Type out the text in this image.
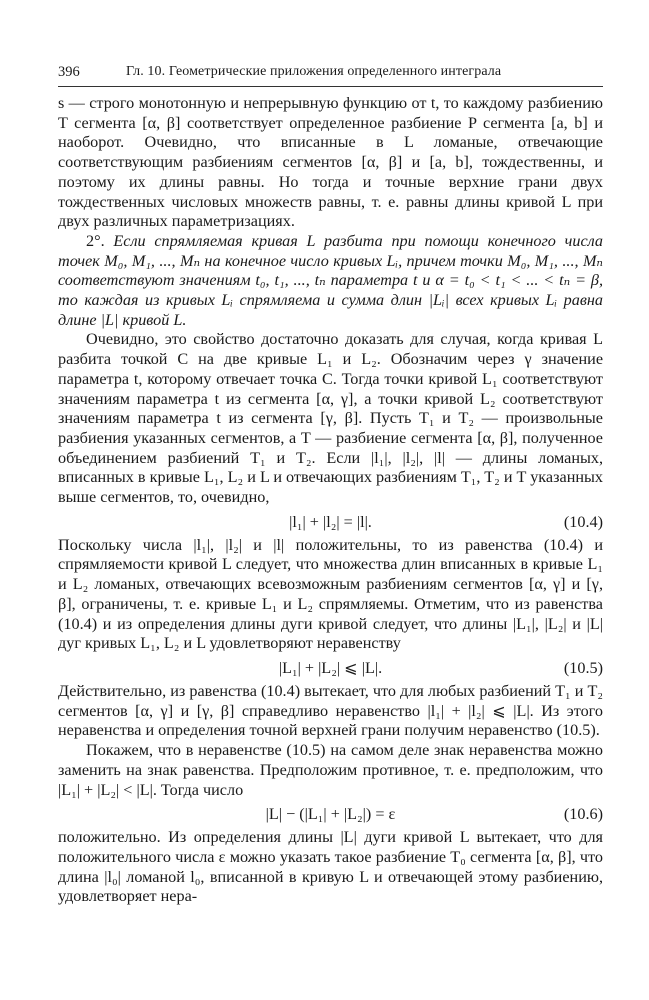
396	Гл. 10. Геометрические приложения определенного интеграла

s — строго монотонную и непрерывную функцию от t, то каждому разбиению T сегмента [α, β] соответствует определенное разбиение P сегмента [a, b] и наоборот. Очевидно, что вписанные в L ломаные, отвечающие соответствующим разбиениям сегментов [α, β] и [a, b], тождественны, и поэтому их длины равны. Но тогда и точные верхние грани двух тождественных числовых множеств равны, т. е. равны длины кривой L при двух различных параметризациях.

2°. Если спрямляемая кривая L разбита при помощи конечного числа точек M₀, M₁, ..., Mₙ на конечное число кривых Lᵢ, причем точки M₀, M₁, ..., Mₙ соответствуют значениям t₀, t₁, ..., tₙ параметра t и α = t₀ < t₁ < ... < tₙ = β, то каждая из кривых Lᵢ спрямляема и сумма длин |Lᵢ| всех кривых Lᵢ равна длине |L| кривой L.

Очевидно, это свойство достаточно доказать для случая, когда кривая L разбита точкой C на две кривые L₁ и L₂. Обозначим через γ значение параметра t, которому отвечает точка C. Тогда точки кривой L₁ соответствуют значениям параметра t из сегмента [α, γ], а точки кривой L₂ соответствуют значениям параметра t из сегмента [γ, β]. Пусть T₁ и T₂ — произвольные разбиения указанных сегментов, а T — разбиение сегмента [α, β], полученное объединением разбиений T₁ и T₂. Если |l₁|, |l₂|, |l| — длины ломаных, вписанных в кривые L₁, L₂ и L и отвечающих разбиениям T₁, T₂ и T указанных выше сегментов, то, очевидно,

|l₁| + |l₂| = |l|.	(10.4)

Поскольку числа |l₁|, |l₂| и |l| положительны, то из равенства (10.4) и спрямляемости кривой L следует, что множества длин вписанных в кривые L₁ и L₂ ломаных, отвечающих всевозможным разбиениям сегментов [α, γ] и [γ, β], ограничены, т. е. кривые L₁ и L₂ спрямляемы. Отметим, что из равенства (10.4) и из определения длины дуги кривой следует, что длины |L₁|, |L₂| и |L| дуг кривых L₁, L₂ и L удовлетворяют неравенству

|L₁| + |L₂| ⩽ |L|.	(10.5)

Действительно, из равенства (10.4) вытекает, что для любых разбиений T₁ и T₂ сегментов [α, γ] и [γ, β] справедливо неравенство |l₁| + |l₂| ⩽ |L|. Из этого неравенства и определения точной верхней грани получим неравенство (10.5).

Покажем, что в неравенстве (10.5) на самом деле знак неравенства можно заменить на знак равенства. Предположим противное, т. е. предположим, что |L₁| + |L₂| < |L|. Тогда число

|L| − (|L₁| + |L₂|) = ε	(10.6)

положительно. Из определения длины |L| дуги кривой L вытекает, что для положительного числа ε можно указать такое разбиение T₀ сегмента [α, β], что длина |l₀| ломаной l₀, вписанной в кривую L и отвечающей этому разбиению, удовлетворяет нера-
